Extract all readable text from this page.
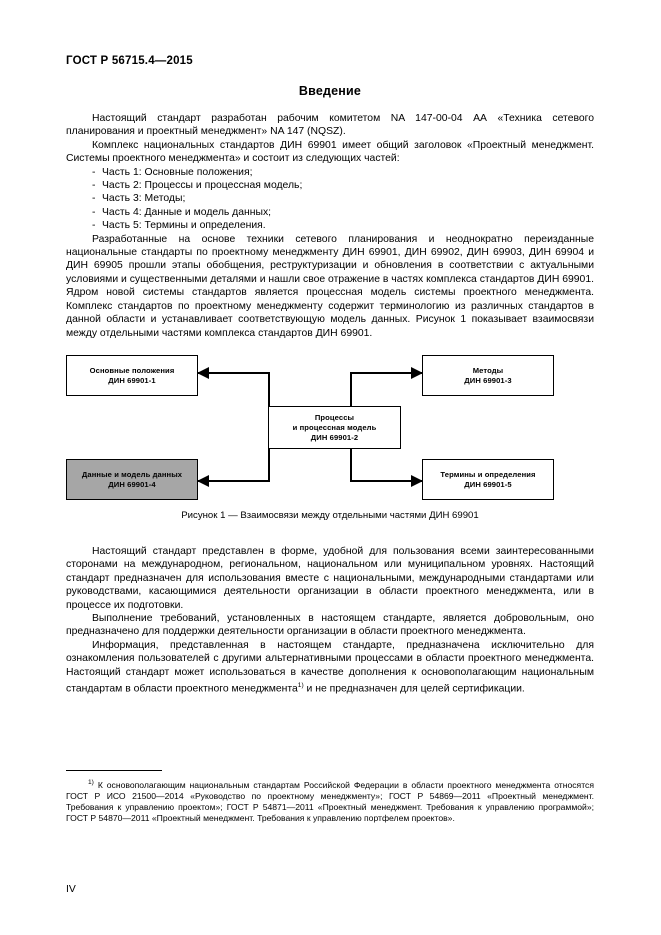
ГОСТ Р 56715.4—2015
Введение

Настоящий стандарт разработан рабочим комитетом NA 147-00-04 АА «Техника сетевого планирования и проектный менеджмент» NA 147 (NQSZ).

Комплекс национальных стандартов ДИН 69901 имеет общий заголовок «Проектный менеджмент. Системы проектного менеджмента» и состоит из следующих частей:

- Часть 1: Основные положения;
- Часть 2: Процессы и процессная модель;
- Часть 3: Методы;
- Часть 4: Данные и модель данных;
- Часть 5: Термины и определения.

Разработанные на основе техники сетевого планирования и неоднократно переизданные национальные стандарты по проектному менеджменту ДИН 69901, ДИН 69902, ДИН 69903, ДИН 69904 и ДИН 69905 прошли этапы обобщения, реструктуризации и обновления в соответствии с актуальными условиями и существенными деталями и нашли свое отражение в частях комплекса стандартов ДИН 69901. Ядром новой системы стандартов является процессная модель системы проектного менеджмента. Комплекс стандартов по проектному менеджменту содержит терминологию из различных стандартов в данной области и устанавливает соответствующую модель данных. Рисунок 1 показывает взаимосвязи между отдельными частями комплекса стандартов ДИН 69901.

Основные положения
ДИН 69901-1
Методы
ДИН 69901-3
Процессы
и процессная модель
ДИН 69901-2
Данные и модель данных
ДИН 69901-4
Термины и определения
ДИН 69901-5
Рисунок 1 — Взаимосвязи между отдельными частями ДИН 69901

Настоящий стандарт представлен в форме, удобной для пользования всеми заинтересованными сторонами на международном, региональном, национальном или муниципальном уровнях. Настоящий стандарт предназначен для использования вместе с национальными, международными стандартами или руководствами, касающимися деятельности организации в области проектного менеджмента, или в процессе их подготовки.

Выполнение требований, установленных в настоящем стандарте, является добровольным, оно предназначено для поддержки деятельности организации в области проектного менеджмента.

Информация, представленная в настоящем стандарте, предназначена исключительно для ознакомления пользователей с другими альтернативными процессами в области проектного менеджмента. Настоящий стандарт может использоваться в качестве дополнения к основополагающим национальным стандартам в области проектного менеджмента$^{1)}$ и не предназначен для целей сертификации.

$^{1)}$ К основополагающим национальным стандартам Российской Федерации в области проектного менеджмента относятся ГОСТ Р ИСО 21500—2014 «Руководство по проектному менеджменту»; ГОСТ Р 54869—2011 «Проектный менеджмент. Требования к управлению проектом»; ГОСТ Р 54871—2011 «Проектный менеджмент. Требования к управлению программой»; ГОСТ Р 54870—2011 «Проектный менеджмент. Требования к управлению портфелем проектов».

IV
